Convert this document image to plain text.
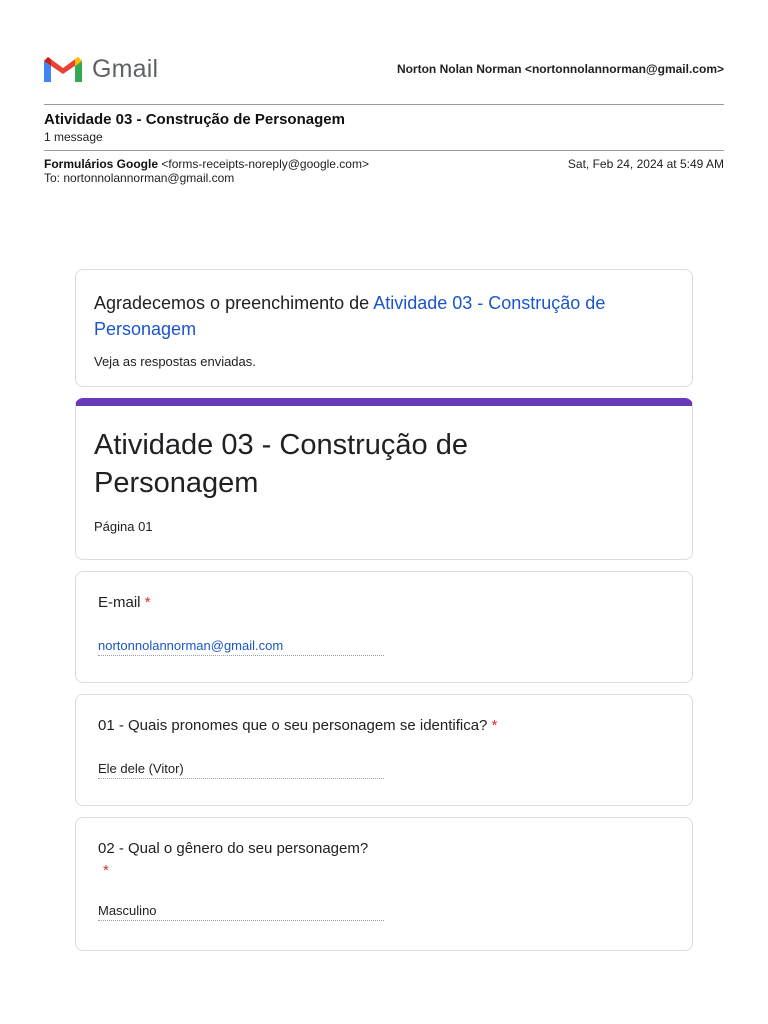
Gmail	Norton Nolan Norman <nortonnolannorman@gmail.com>
Atividade 03 - Construção de Personagem
1 message
Formulários Google <forms-receipts-noreply@google.com>	Sat, Feb 24, 2024 at 5:49 AM
To: nortonnolannorman@gmail.com
Agradecemos o preenchimento de Atividade 03 - Construção de Personagem
Veja as respostas enviadas.
Atividade 03 - Construção de Personagem
Página 01
E-mail *
nortonnolannorman@gmail.com
01 - Quais pronomes que o seu personagem se identifica? *
Ele dele (Vitor)
02 - Qual o gênero do seu personagem?
*
Masculino
